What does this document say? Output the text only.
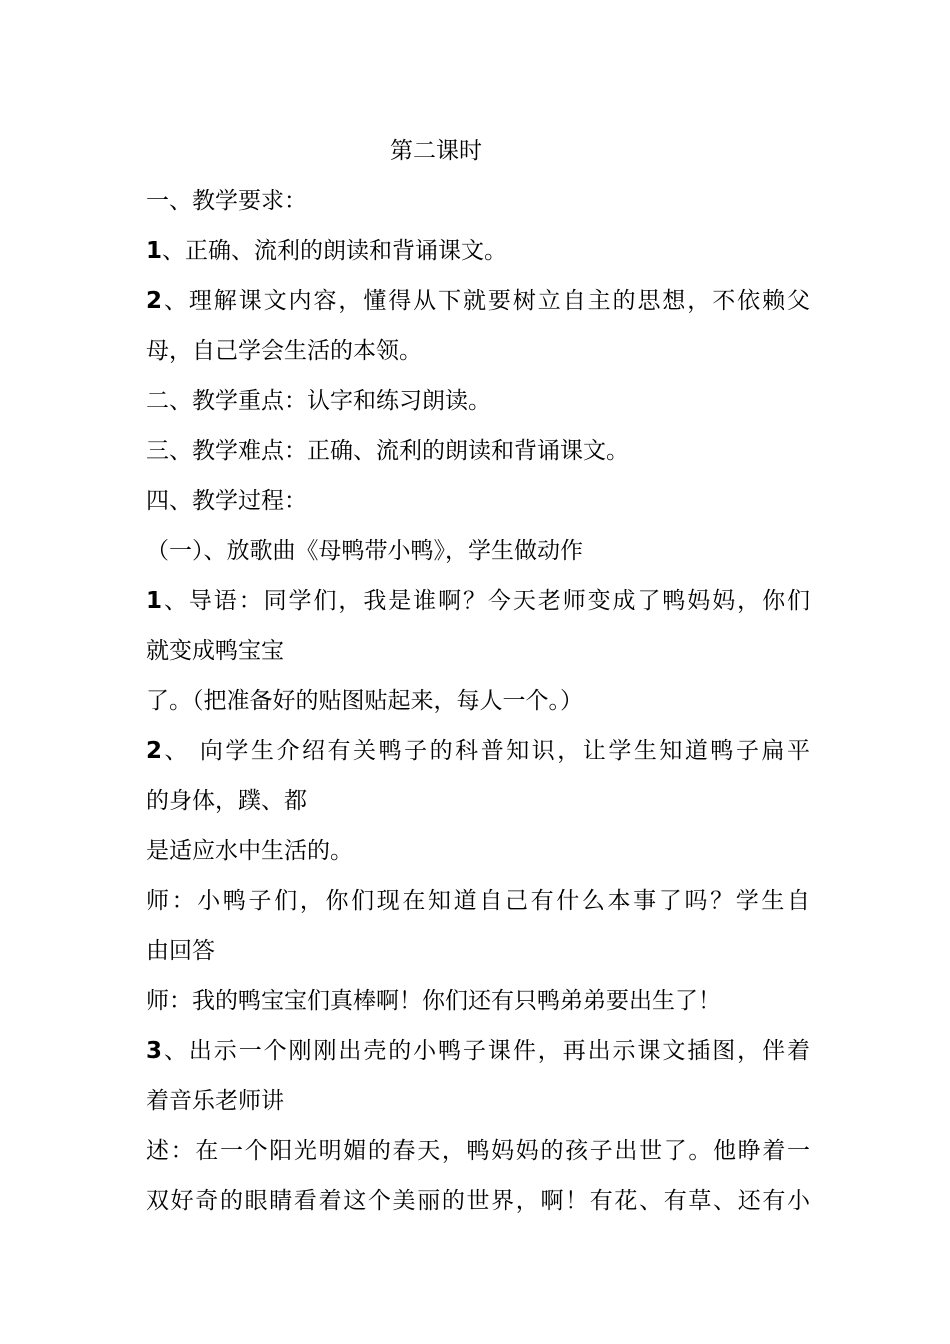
第二课时
一、教学要求：
1、正确、流利的朗读和背诵课文。
2、理解课文内容，懂得从下就要树立自主的思想，不依赖父
母，自己学会生活的本领。
二、教学重点：认字和练习朗读。
三、教学难点：正确、流利的朗读和背诵课文。
四、教学过程：
（一）、放歌曲《母鸭带小鸭》，学生做动作
1、导语：同学们，我是谁啊？今天老师变成了鸭妈妈，你们
就变成鸭宝宝
了。（把准备好的贴图贴起来，每人一个。）
2、 向学生介绍有关鸭子的科普知识，让学生知道鸭子扁平
的身体，蹼、都
是适应水中生活的。
师：小鸭子们，你们现在知道自己有什么本事了吗？学生自
由回答
师：我的鸭宝宝们真棒啊！你们还有只鸭弟弟要出生了！
3、出示一个刚刚出壳的小鸭子课件，再出示课文插图，伴着
着音乐老师讲
述：在一个阳光明媚的春天，鸭妈妈的孩子出世了。他睁着一
双好奇的眼睛看着这个美丽的世界，啊！有花、有草、还有小
